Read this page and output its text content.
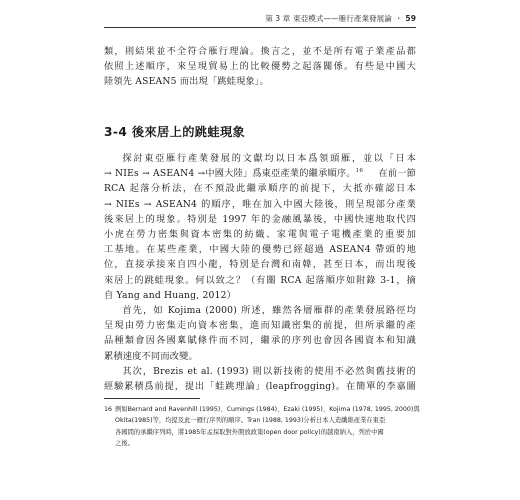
第 3 章 東亞模式——雁行產業發展論 ・ 59
類，則結果並不全符合雁行理論。換言之，並不是所有電子業產品都
依照上述順序，來呈現貿易上的比較優勢之起落關係。有些是中國大
陸領先 ASEAN5 而出現「跳蛙現象」。
3-4 後來居上的跳蛙現象
探討東亞雁行產業發展的文獻均以日本爲領頭雁，並以「日本
→ NIEs → ASEAN4 →中國大陸」爲東亞產業的繼承順序。$^{16}$ 在前一節
RCA 起落分析法，在不預設此繼承順序的前提下，大抵亦確認日本
→ NIEs → ASEAN4 的順序，唯在加入中國大陸後，則呈現部分產業
後來居上的現象。特別是 1997 年的金融風暴後，中國快速地取代四
小虎在勞力密集與資本密集的紡織、家電與電子電機產業的重要加
工基地。在某些產業，中國大陸的優勢已經超過 ASEAN4 帶頭的地
位，直接承接來自四小龍，特別是台灣和南韓，甚至日本，而出現後
來居上的跳蛙現象。何以致之？（有關 RCA 起落順序如附錄 3-1，摘
自 Yang and Huang, 2012）
首先，如 Kojima (2000) 所述，雖然各層雁群的產業發展路徑均
呈現由勞力密集走向資本密集，進而知識密集的前提，但所承繼的產
品種類會因各國稟賦條件而不同，繼承的序列也會因各國資本和知識
累積速度不同而改變。
其次，Brezis et al. (1993) 則以新技術的使用不必然與舊技術的
經驗累積爲前提，提出「蛙跳理論」(leapfrogging)。在簡單的李嘉圖
16 例如Bernard and Ravenhill (1995)、Cumings (1984)、Ezaki (1995)、Kojima (1978, 1995, 2000)與
Okita(1985)等，均提及此一雁行序列的順序。Tran (1988, 1993)分析日本人造纖維產業在東亞
各國間的承繼序列時，將1985年孟採取對外開放政策(open door policy)的越南納入，列於中國
之後。
